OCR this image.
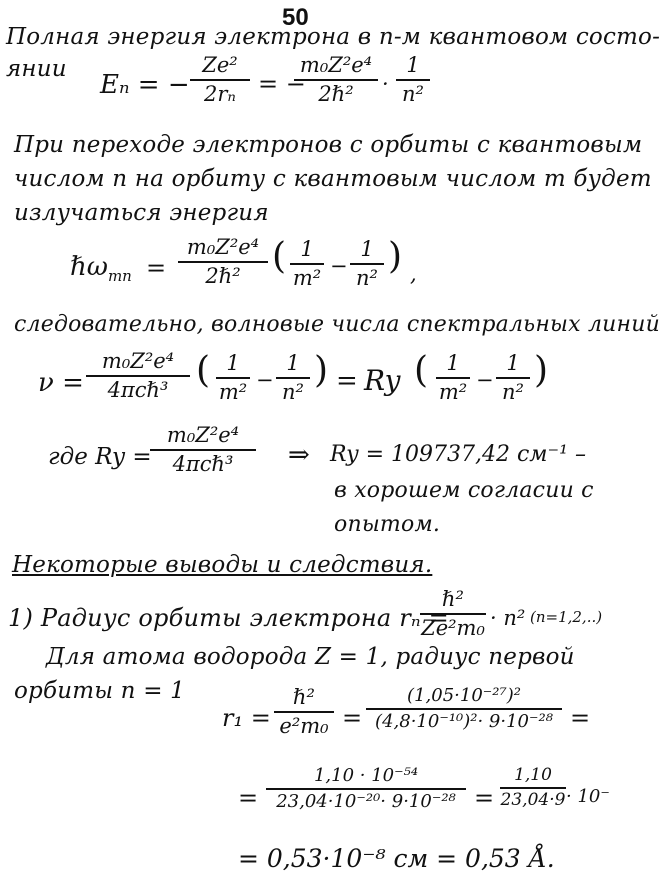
50
Полная энергия электрона в n-м квантовом состо-
янии
Eₙ = −
Ze²
2rₙ = −
m₀Z²e⁴
2ℏ²	·
1
n²
При переходе электронов с орбиты с квантовым
числом n на орбиту с квантовым числом m будет
излучаться энергия
ℏω$_{mn}$ =
m₀Z²e⁴
2ℏ² ( 1
m²
−
1
n²
) ,
следовательно, волновые числа спектральных линий
ν =
m₀Z²e⁴
4πcℏ³ ( 1
m²
−
1
n²
) = Ry ( 1
m²
−
1
n²
)
где Ry =
m₀Z²e⁴
4πcℏ³	⇒ Ry = 109737,42 см⁻¹ –
в хорошем согласии с
опытом.
Некоторые выводы и следствия.
1) Радиус орбиты электрона rₙ =
ℏ²
Ze²m₀ · n² (n=1,2,..)
Для атома водорода Z = 1, радиус первой
орбиты n = 1
r₁ =
ℏ²
e²m₀ =
(1,05·10⁻²⁷)²
(4,8·10⁻¹⁰)²· 9·10⁻²⁸ =
=
1,10 · 10⁻⁵⁴
23,04·10⁻²⁰· 9·10⁻²⁸ =
1,10
23,04·9 · 10⁻
= 0,53·10⁻⁸ см = 0,53 Å.
